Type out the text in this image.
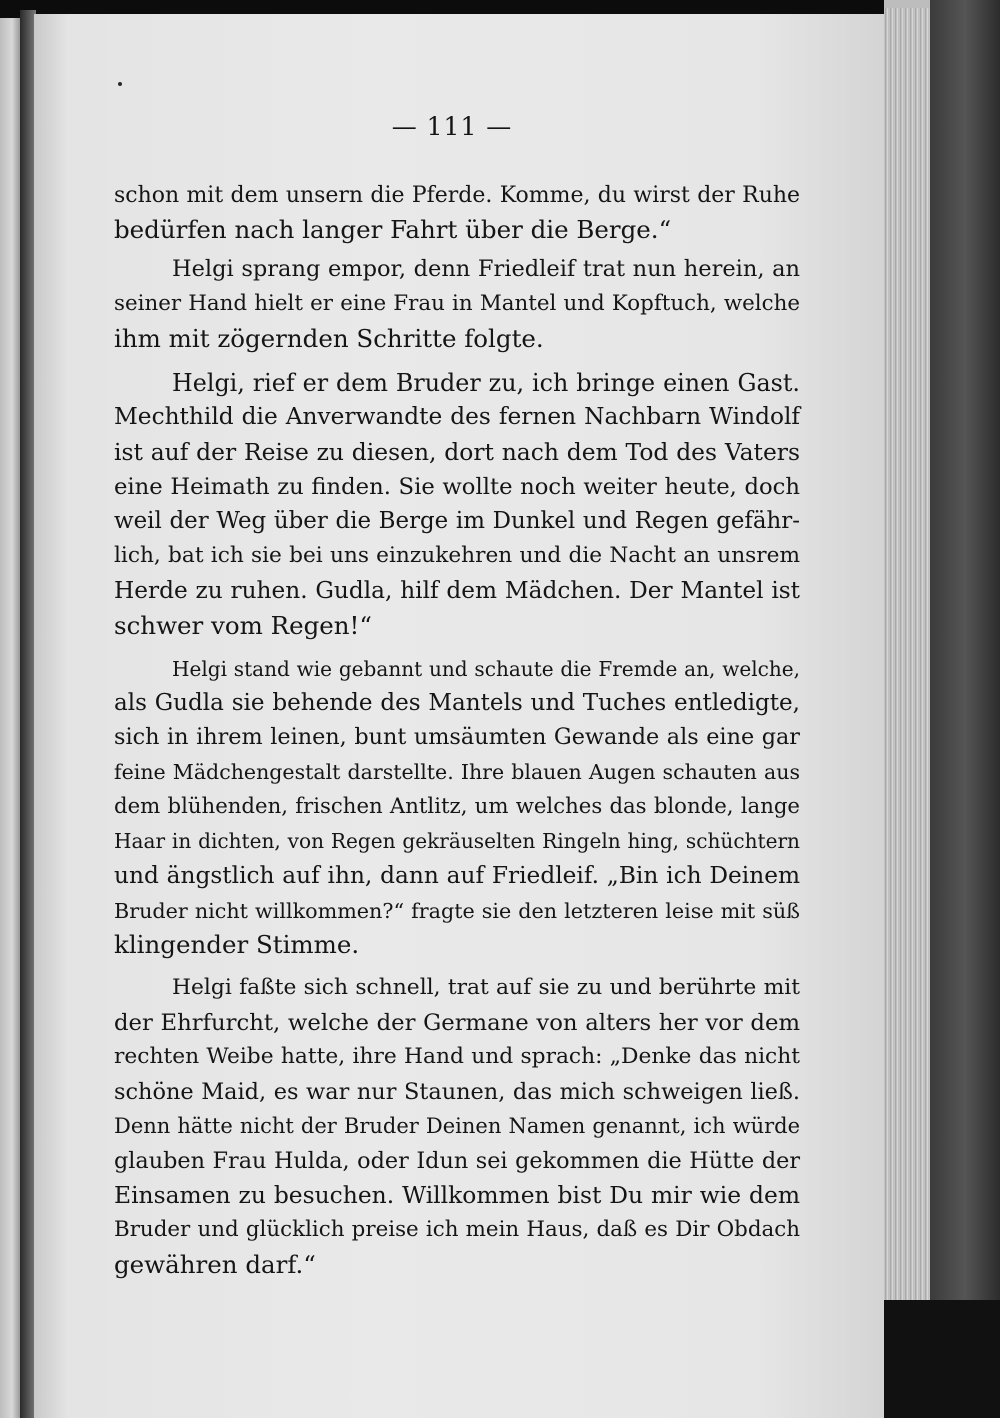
— 111 —
schon mit dem unsern die Pferde. Komme, du wirst der Ruhe
bedürfen nach langer Fahrt über die Berge.“
Helgi sprang empor, denn Friedleif trat nun herein, an
seiner Hand hielt er eine Frau in Mantel und Kopftuch, welche
ihm mit zögernden Schritte folgte.
Helgi, rief er dem Bruder zu, ich bringe einen Gast.
Mechthild die Anverwandte des fernen Nachbarn Windolf
ist auf der Reise zu diesen, dort nach dem Tod des Vaters
eine Heimath zu finden. Sie wollte noch weiter heute, doch
weil der Weg über die Berge im Dunkel und Regen gefähr-
lich, bat ich sie bei uns einzukehren und die Nacht an unsrem
Herde zu ruhen. Gudla, hilf dem Mädchen. Der Mantel ist
schwer vom Regen!“
Helgi stand wie gebannt und schaute die Fremde an, welche,
als Gudla sie behende des Mantels und Tuches entledigte,
sich in ihrem leinen, bunt umsäumten Gewande als eine gar
feine Mädchengestalt darstellte. Ihre blauen Augen schauten aus
dem blühenden, frischen Antlitz, um welches das blonde, lange
Haar in dichten, von Regen gekräuselten Ringeln hing, schüchtern
und ängstlich auf ihn, dann auf Friedleif. „Bin ich Deinem
Bruder nicht willkommen?“ fragte sie den letzteren leise mit süß
klingender Stimme.
Helgi faßte sich schnell, trat auf sie zu und berührte mit
der Ehrfurcht, welche der Germane von alters her vor dem
rechten Weibe hatte, ihre Hand und sprach: „Denke das nicht
schöne Maid, es war nur Staunen, das mich schweigen ließ.
Denn hätte nicht der Bruder Deinen Namen genannt, ich würde
glauben Frau Hulda, oder Idun sei gekommen die Hütte der
Einsamen zu besuchen. Willkommen bist Du mir wie dem
Bruder und glücklich preise ich mein Haus, daß es Dir Obdach
gewähren darf.“
